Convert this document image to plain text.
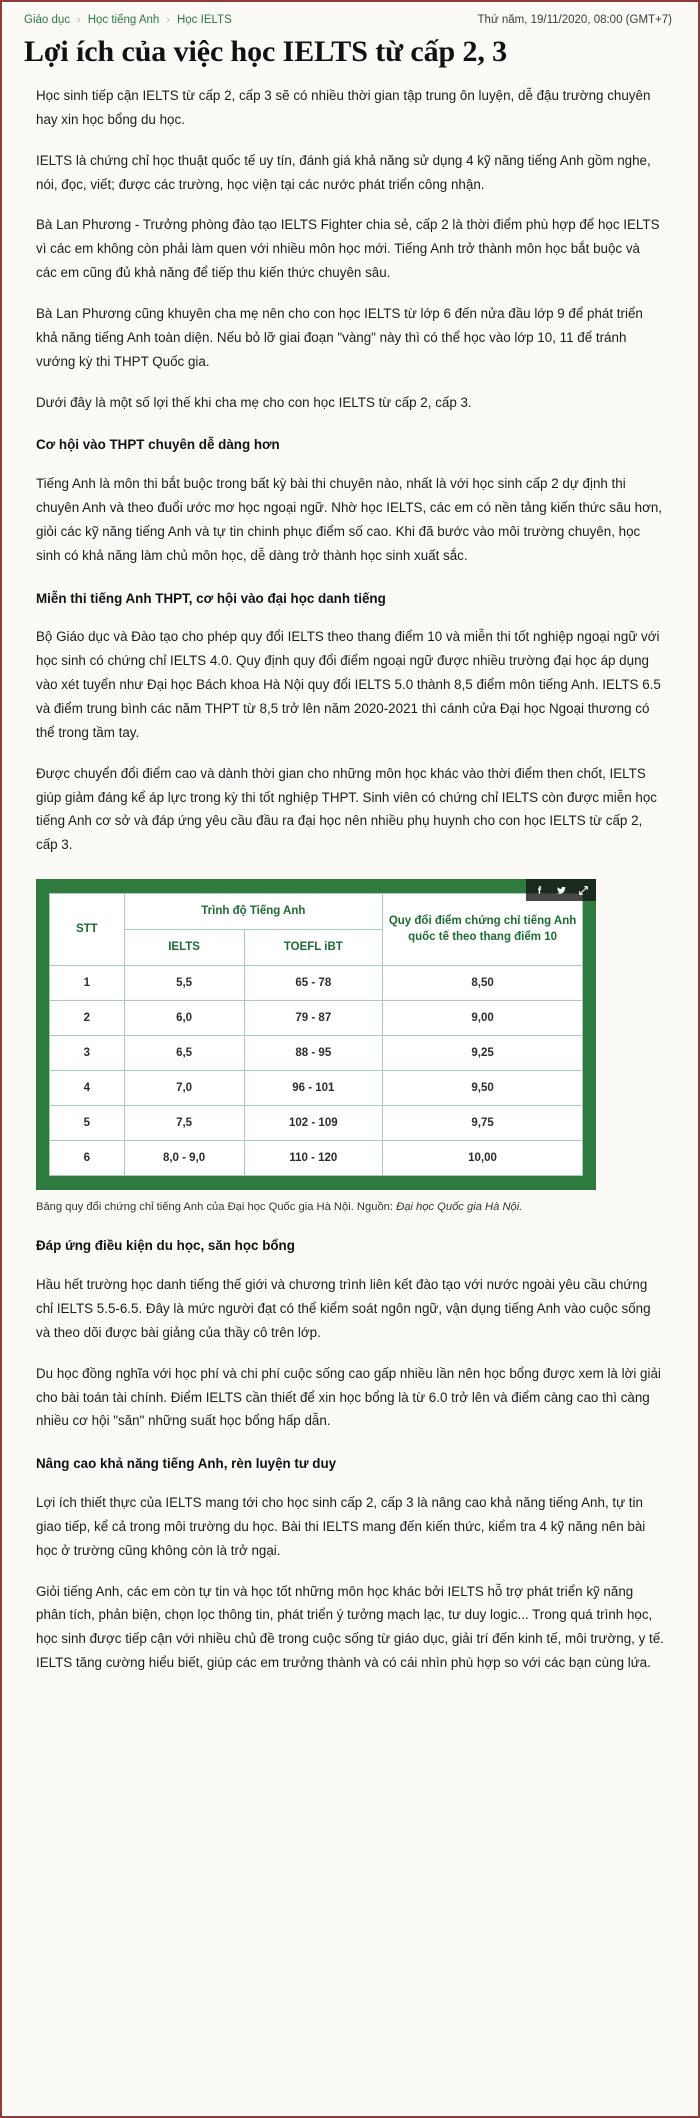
Giáo dục › Học tiếng Anh › Học IELTS	Thứ năm, 19/11/2020, 08:00 (GMT+7)
Lợi ích của việc học IELTS từ cấp 2, 3

Học sinh tiếp cận IELTS từ cấp 2, cấp 3 sẽ có nhiều thời gian tập trung ôn luyện, dễ đậu trường chuyên hay xin học bổng du học.

IELTS là chứng chỉ học thuật quốc tế uy tín, đánh giá khả năng sử dụng 4 kỹ năng tiếng Anh gồm nghe, nói, đọc, viết; được các trường, học viện tại các nước phát triển công nhận.

Bà Lan Phương - Trưởng phòng đào tạo IELTS Fighter chia sẻ, cấp 2 là thời điểm phù hợp để học IELTS vì các em không còn phải làm quen với nhiều môn học mới. Tiếng Anh trở thành môn học bắt buộc và các em cũng đủ khả năng để tiếp thu kiến thức chuyên sâu.

Bà Lan Phương cũng khuyên cha mẹ nên cho con học IELTS từ lớp 6 đến nửa đầu lớp 9 để phát triển khả năng tiếng Anh toàn diện. Nếu bỏ lỡ giai đoạn "vàng" này thì có thể học vào lớp 10, 11 để tránh vướng kỳ thi THPT Quốc gia.

Dưới đây là một số lợi thế khi cha mẹ cho con học IELTS từ cấp 2, cấp 3.

Cơ hội vào THPT chuyên dễ dàng hơn

Tiếng Anh là môn thi bắt buộc trong bất kỳ bài thi chuyên nào, nhất là với học sinh cấp 2 dự định thi chuyên Anh và theo đuổi ước mơ học ngoại ngữ. Nhờ học IELTS, các em có nền tảng kiến thức sâu hơn, giỏi các kỹ năng tiếng Anh và tự tin chinh phục điểm số cao. Khi đã bước vào môi trường chuyên, học sinh có khả năng làm chủ môn học, dễ dàng trở thành học sinh xuất sắc.

Miễn thi tiếng Anh THPT, cơ hội vào đại học danh tiếng

Bộ Giáo dục và Đào tạo cho phép quy đổi IELTS theo thang điểm 10 và miễn thi tốt nghiệp ngoại ngữ với học sinh có chứng chỉ IELTS 4.0. Quy định quy đổi điểm ngoại ngữ được nhiều trường đại học áp dụng vào xét tuyển như Đại học Bách khoa Hà Nội quy đổi IELTS 5.0 thành 8,5 điểm môn tiếng Anh. IELTS 6.5 và điểm trung bình các năm THPT từ 8,5 trở lên năm 2020-2021 thì cánh cửa Đại học Ngoại thương có thể trong tầm tay.

Được chuyển đổi điểm cao và dành thời gian cho những môn học khác vào thời điểm then chốt, IELTS giúp giảm đáng kể áp lực trong kỳ thi tốt nghiệp THPT. Sinh viên có chứng chỉ IELTS còn được miễn học tiếng Anh cơ sở và đáp ứng yêu cầu đầu ra đại học nên nhiều phụ huynh cho con học IELTS từ cấp 2, cấp 3.

STT	Trình độ Tiếng Anh		Quy đổi điểm chứng chỉ tiếng Anh quốc tế theo thang điểm 10
	IELTS	TOEFL iBT	
1	5,5	65 - 78	8,50
2	6,0	79 - 87	9,00
3	6,5	88 - 95	9,25
4	7,0	96 - 101	9,50
5	7,5	102 - 109	9,75
6	8,0 - 9,0	110 - 120	10,00
Bảng quy đổi chứng chỉ tiếng Anh của Đại học Quốc gia Hà Nội. Nguồn: Đại học Quốc gia Hà Nội.
Đáp ứng điều kiện du học, săn học bổng

Hầu hết trường học danh tiếng thế giới và chương trình liên kết đào tạo với nước ngoài yêu cầu chứng chỉ IELTS 5.5-6.5. Đây là mức người đạt có thể kiểm soát ngôn ngữ, vận dụng tiếng Anh vào cuộc sống và theo dõi được bài giảng của thầy cô trên lớp.

Du học đồng nghĩa với học phí và chi phí cuộc sống cao gấp nhiều lần nên học bổng được xem là lời giải cho bài toán tài chính. Điểm IELTS cần thiết để xin học bổng là từ 6.0 trở lên và điểm càng cao thì càng nhiều cơ hội "săn" những suất học bổng hấp dẫn.

Nâng cao khả năng tiếng Anh, rèn luyện tư duy

Lợi ích thiết thực của IELTS mang tới cho học sinh cấp 2, cấp 3 là nâng cao khả năng tiếng Anh, tự tin giao tiếp, kể cả trong môi trường du học. Bài thi IELTS mang đến kiến thức, kiểm tra 4 kỹ năng nên bài học ở trường cũng không còn là trở ngại.

Giỏi tiếng Anh, các em còn tự tin và học tốt những môn học khác bởi IELTS hỗ trợ phát triển kỹ năng phân tích, phản biện, chọn lọc thông tin, phát triển ý tưởng mạch lạc, tư duy logic... Trong quá trình học, học sinh được tiếp cận với nhiều chủ đề trong cuộc sống từ giáo dục, giải trí đến kinh tế, môi trường, y tế. IELTS tăng cường hiểu biết, giúp các em trưởng thành và có cái nhìn phù hợp so với các bạn cùng lứa.
